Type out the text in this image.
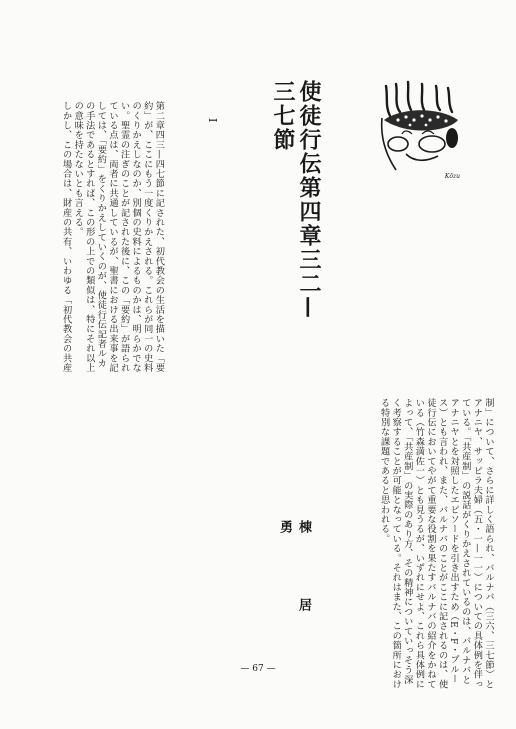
Kōzu
使徒行伝第四章三二—三七節
I
第二章四三—四七節に記された、初代教会の生活を描いた「要約」が、ここにもう一度くりかえされる。これらが同一の史料のくりかえしなのか、別個の史料によるものかは、明らかでない。聖霊の注ぎのことが記された後に、この「要約」が語られている点は、両者に共通しているが、聖書における出来事を記しては、「要約」をくりかえしていくのが、使徒行伝記者ルカの手法であるとすれば、この形の上での類似は、特にそれ以上の意味を持たないとも言える。
しかし、この場合は、財産の共有、いわゆる「初代教会の共産
棟　居　勇	制」について、さらに詳しく語られ、バルナバ（三六、三七節）とアナニヤ、サッピラ夫婦（五・一—一一）についての具体例を伴っている。「共産制」の説話がくりかえされているのは、バルナバとアナニヤとを対照したエピソードを引き出すため（E・F・ブルース）とも言われ、また、バルナバのことがここに記されるのは、使徒行伝においてやがて重要な役割を果たすバルナバの紹介をかねている（竹森満佐一）とも見うるが、いずれにせよ、これら具体例によって、「共産制」の実際のあり方、その精神についていっそう深く考察することが可能となっている。それはまた、この箇所における特別な課題であると思われる。
— 67 —
